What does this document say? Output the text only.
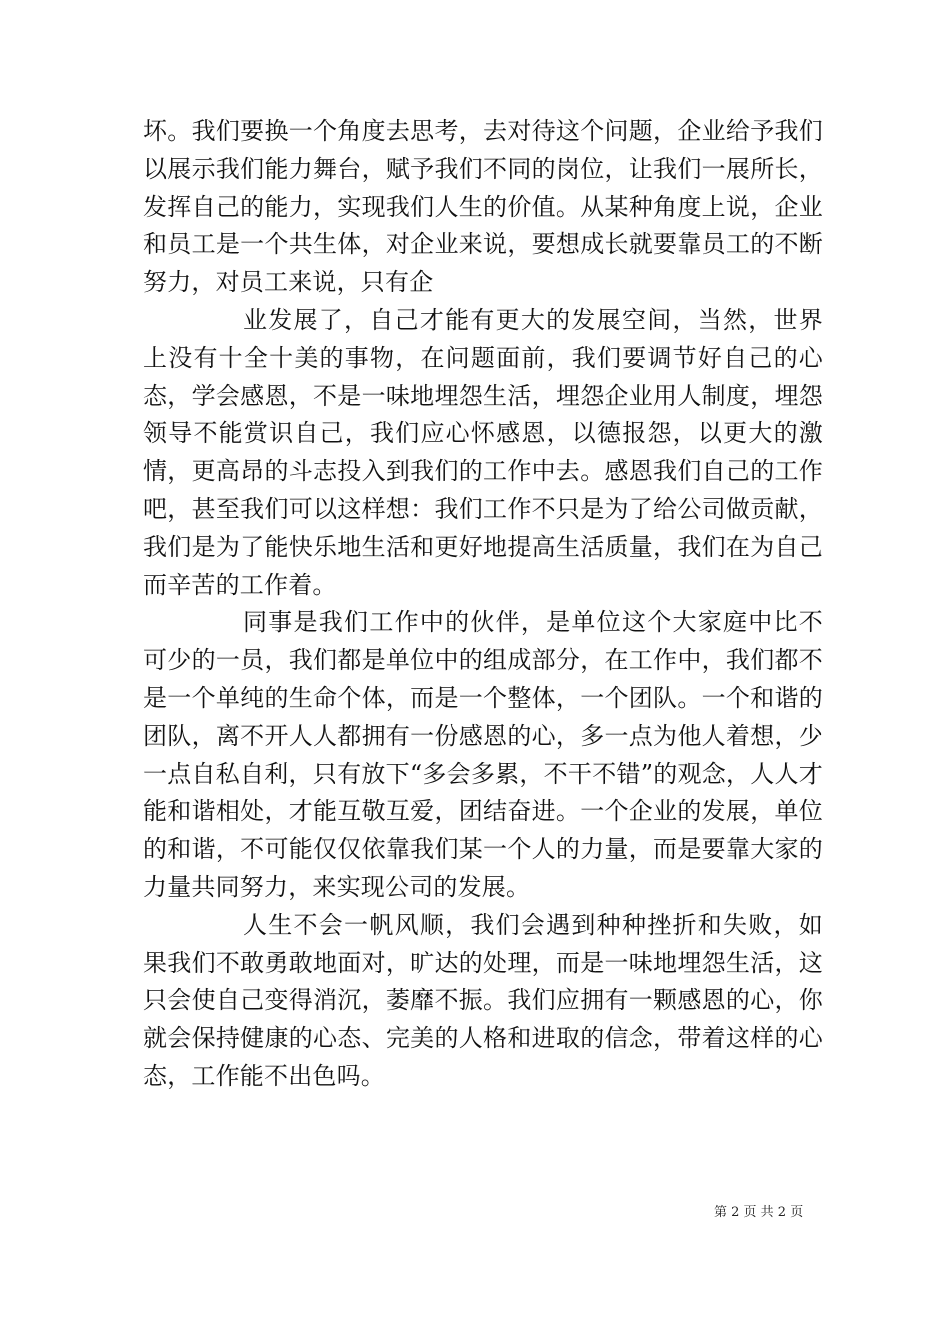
坏。我们要换一个角度去思考，去对待这个问题，企业给予我们以展示我们能力舞台，赋予我们不同的岗位，让我们一展所长，发挥自己的能力，实现我们人生的价值。从某种角度上说，企业和员工是一个共生体，对企业来说，要想成长就要靠员工的不断努力，对员工来说，只有企

业发展了，自己才能有更大的发展空间，当然，世界上没有十全十美的事物，在问题面前，我们要调节好自己的心态，学会感恩，不是一味地埋怨生活，埋怨企业用人制度，埋怨领导不能赏识自己，我们应心怀感恩，以德报怨，以更大的激情，更高昂的斗志投入到我们的工作中去。感恩我们自己的工作吧，甚至我们可以这样想：我们工作不只是为了给公司做贡献，我们是为了能快乐地生活和更好地提高生活质量，我们在为自己而辛苦的工作着。

同事是我们工作中的伙伴，是单位这个大家庭中比不可少的一员，我们都是单位中的组成部分，在工作中，我们都不是一个单纯的生命个体，而是一个整体，一个团队。一个和谐的团队，离不开人人都拥有一份感恩的心，多一点为他人着想，少一点自私自利，只有放下“多会多累，不干不错”的观念，人人才能和谐相处，才能互敬互爱，团结奋进。一个企业的发展，单位的和谐，不可能仅仅依靠我们某一个人的力量，而是要靠大家的力量共同努力，来实现公司的发展。

人生不会一帆风顺，我们会遇到种种挫折和失败，如果我们不敢勇敢地面对，旷达的处理，而是一味地埋怨生活，这只会使自己变得消沉，萎靡不振。我们应拥有一颗感恩的心，你就会保持健康的心态、完美的人格和进取的信念，带着这样的心态，工作能不出色吗。

第 2 页 共 2 页
